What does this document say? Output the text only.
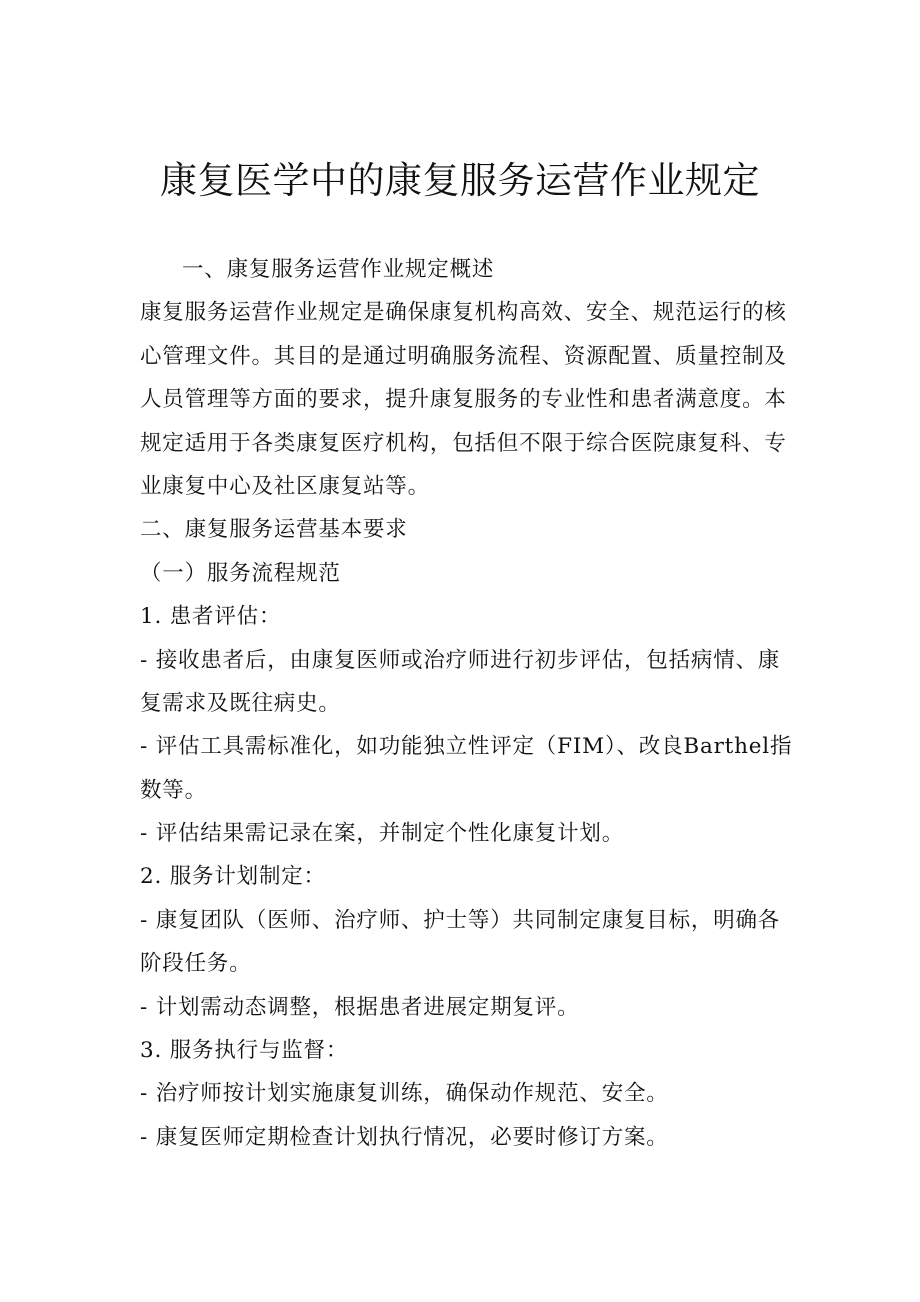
康复医学中的康复服务运营作业规定
一、康复服务运营作业规定概述
康复服务运营作业规定是确保康复机构高效、安全、规范运行的核
心管理文件。其目的是通过明确服务流程、资源配置、质量控制及
人员管理等方面的要求，提升康复服务的专业性和患者满意度。本
规定适用于各类康复医疗机构，包括但不限于综合医院康复科、专
业康复中心及社区康复站等。
二、康复服务运营基本要求
（一）服务流程规范
1. 患者评估：
- 接收患者后，由康复医师或治疗师进行初步评估，包括病情、康
复需求及既往病史。
- 评估工具需标准化，如功能独立性评定（FIM）、改良Barthel指
数等。
- 评估结果需记录在案，并制定个性化康复计划。
2. 服务计划制定：
- 康复团队（医师、治疗师、护士等）共同制定康复目标，明确各
阶段任务。
- 计划需动态调整，根据患者进展定期复评。
3. 服务执行与监督：
- 治疗师按计划实施康复训练，确保动作规范、安全。
- 康复医师定期检查计划执行情况，必要时修订方案。
